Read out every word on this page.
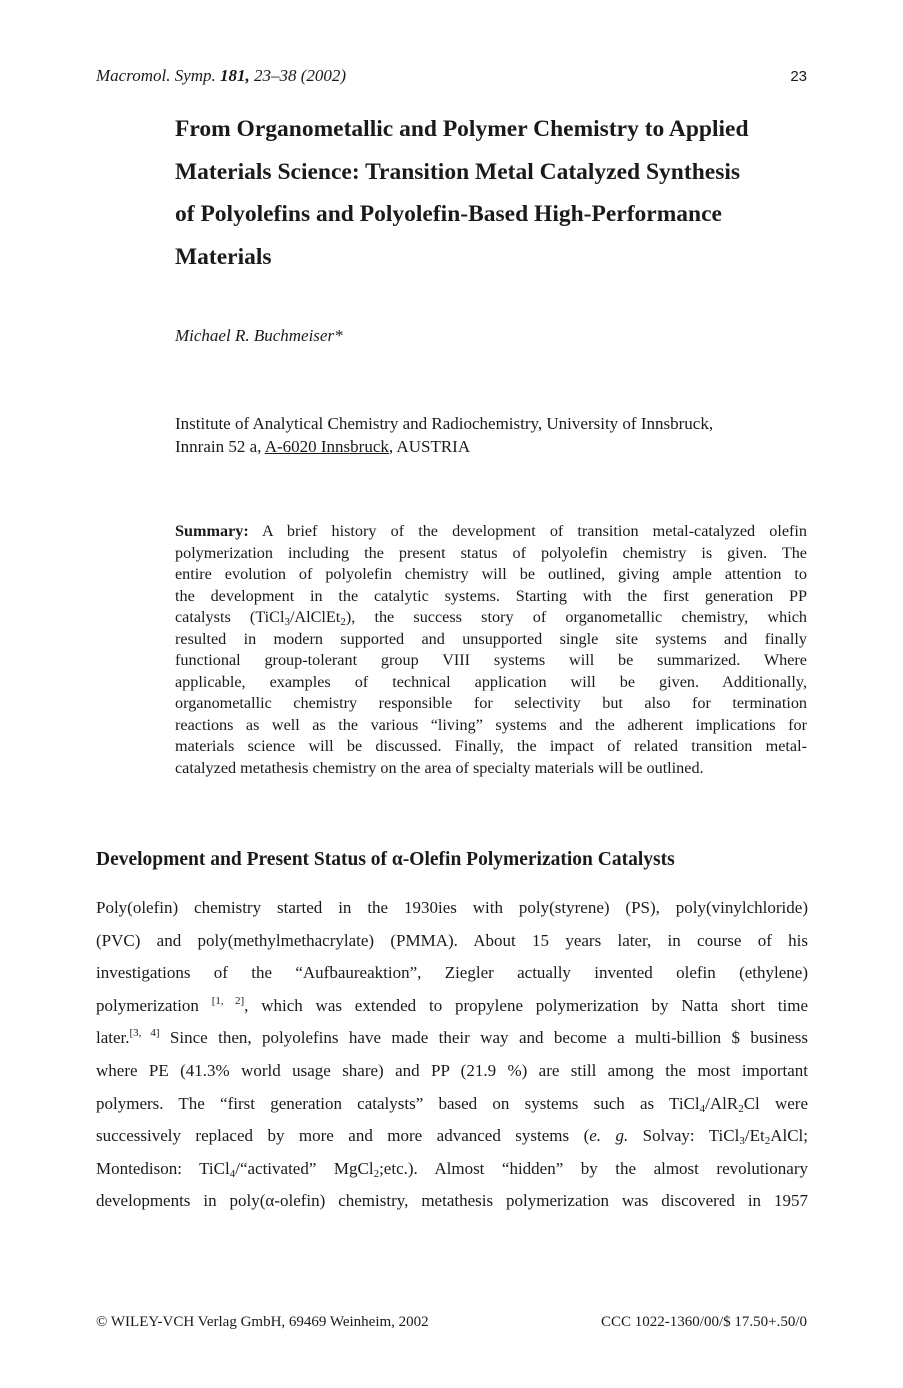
Macromol. Symp. 181, 23–38 (2002)	23
From Organometallic and Polymer Chemistry to Applied
Materials Science: Transition Metal Catalyzed Synthesis
of Polyolefins and Polyolefin-Based High-Performance
Materials
Michael R. Buchmeiser*
Institute of Analytical Chemistry and Radiochemistry, University of Innsbruck,
Innrain 52 a, A-6020 Innsbruck, AUSTRIA
Summary: A brief history of the development of transition metal-catalyzed olefin
polymerization including the present status of polyolefin chemistry is given. The
entire evolution of polyolefin chemistry will be outlined, giving ample attention to
the development in the catalytic systems. Starting with the first generation PP
catalysts (TiCl$_3$/AlClEt$_2$), the success story of organometallic chemistry, which
resulted in modern supported and unsupported single site systems and finally
functional group-tolerant group VIII systems will be summarized. Where
applicable, examples of technical application will be given. Additionally,
organometallic chemistry responsible for selectivity but also for termination
reactions as well as the various “living” systems and the adherent implications for
materials science will be discussed. Finally, the impact of related transition metal-
catalyzed metathesis chemistry on the area of specialty materials will be outlined.
Development and Present Status of α-Olefin Polymerization Catalysts
Poly(olefin) chemistry started in the 1930ies with poly(styrene) (PS), poly(vinylchloride)
(PVC) and poly(methylmethacrylate) (PMMA). About 15 years later, in course of his
investigations of the “Aufbaureaktion”, Ziegler actually invented olefin (ethylene)
polymerization [1, 2], which was extended to propylene polymerization by Natta short time
later.[3, 4] Since then, polyolefins have made their way and become a multi-billion $ business
where PE (41.3% world usage share) and PP (21.9 %) are still among the most important
polymers. The “first generation catalysts” based on systems such as TiCl$_4$/AlR$_2$Cl were
successively replaced by more and more advanced systems (e. g. Solvay: $TiCl_3/Et_2AlCl$;
Montedison: TiCl$_4$/“activated” MgCl$_2$;etc.). Almost “hidden” by the almost revolutionary
developments in poly(α-olefin) chemistry, metathesis polymerization was discovered in 1957
© WILEY-VCH Verlag GmbH, 69469 Weinheim, 2002	CCC 1022-1360/00/$ 17.50+.50/0
